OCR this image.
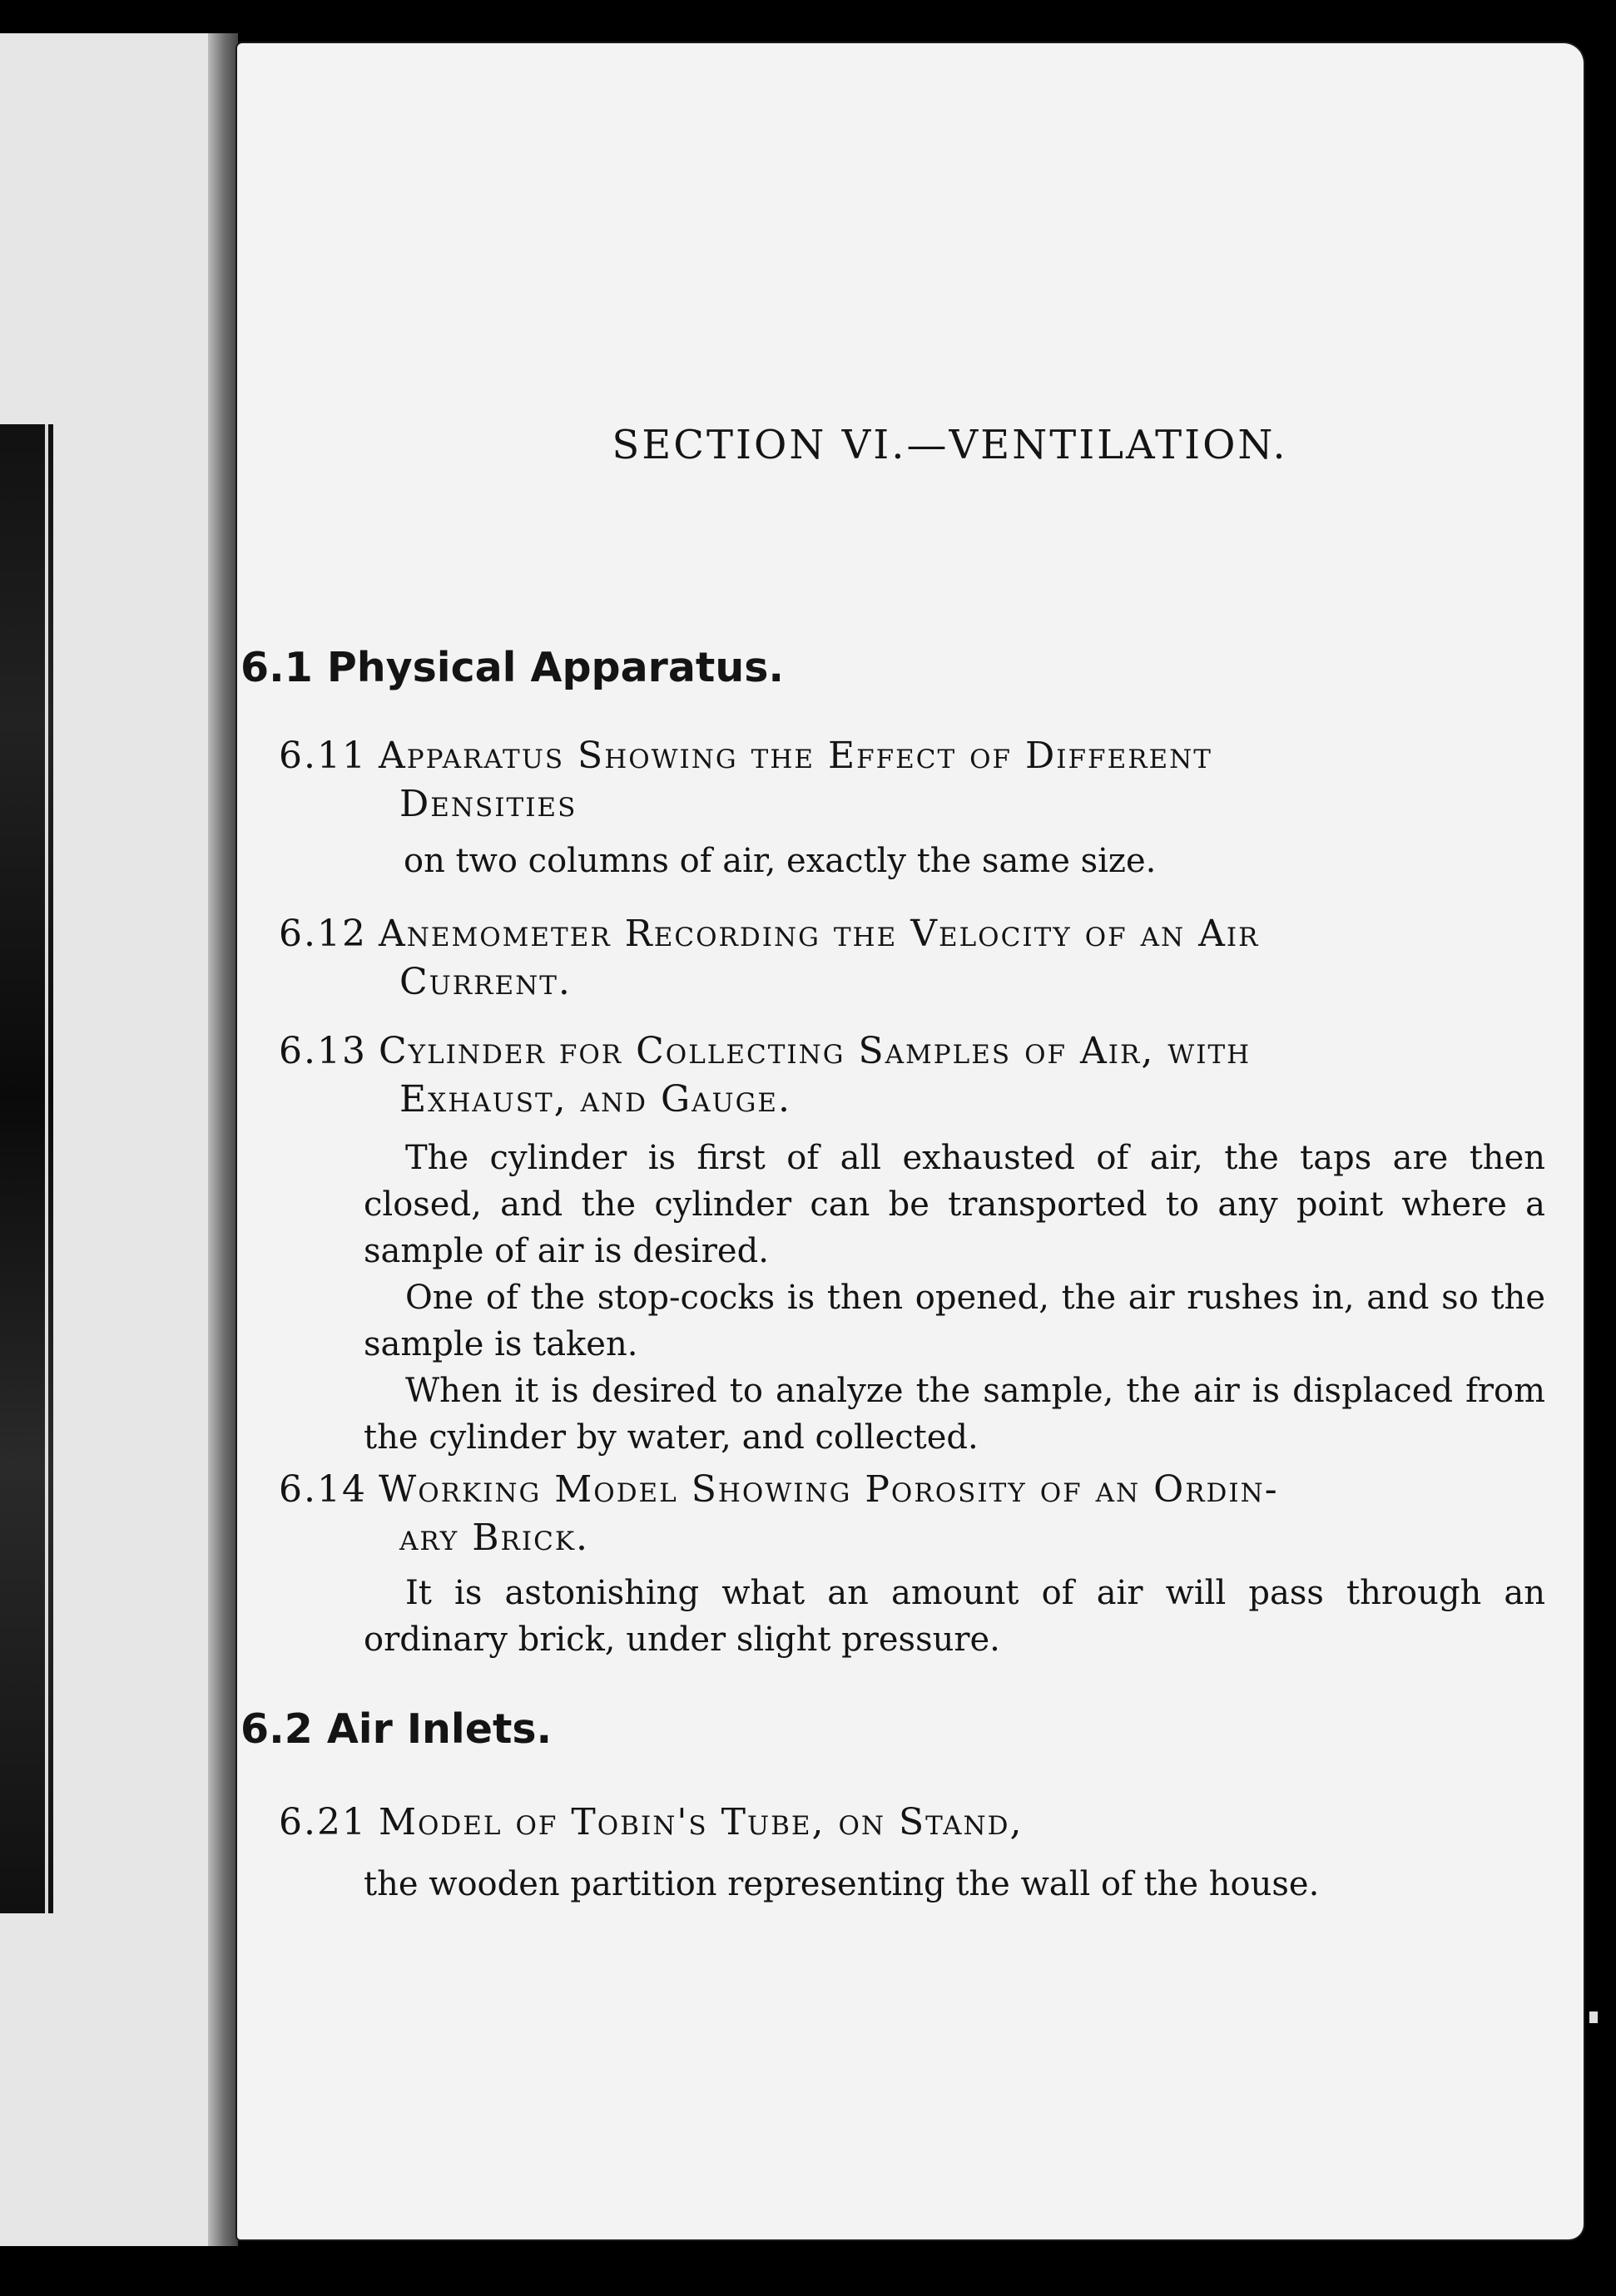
SECTION VI.—VENTILATION.
6.1 Physical Apparatus.
6.11 Apparatus Showing the Effect of Different
Densities

on two columns of air, exactly the same size.

6.12 Anemometer Recording the Velocity of an Air
Current.
6.13 Cylinder for Collecting Samples of Air, with
Exhaust, and Gauge.
The cylinder is first of all exhausted of air, the taps are then closed, and the cylinder can be transported to any point where a sample of air is desired.
One of the stop-cocks is then opened, the air rushes in, and so the sample is taken.
When it is desired to analyze the sample, the air is displaced from the cylinder by water, and collected.
6.14 Working Model Showing Porosity of an Ordin-
ary Brick.
It is astonishing what an amount of air will pass through an ordinary brick, under slight pressure.
6.2 Air Inlets.
6.21 Model of Tobin's Tube, on Stand,
the wooden partition representing the wall of the house.
